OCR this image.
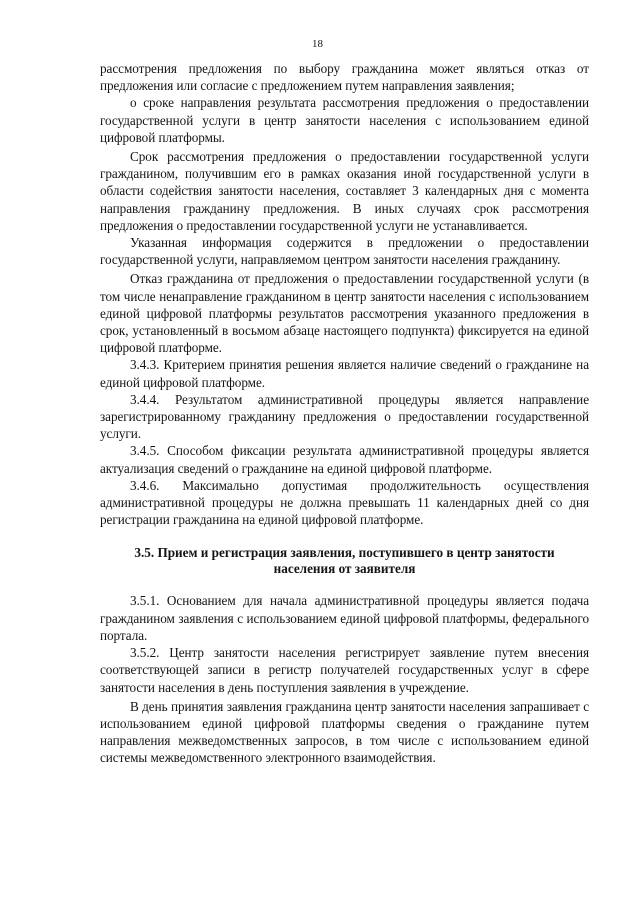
18

рассмотрения предложения по выбору гражданина может являться отказ от предложения или согласие с предложением путем направления заявления;

о сроке направления результата рассмотрения предложения о предоставлении государственной услуги в центр занятости населения с использованием единой цифровой платформы.

Срок рассмотрения предложения о предоставлении государственной услуги гражданином, получившим его в рамках оказания иной государственной услуги в области содействия занятости населения, составляет 3 календарных дня с момента направления гражданину предложения. В иных случаях срок рассмотрения предложения о предоставлении государственной услуги не устанавливается.

Указанная информация содержится в предложении о предоставлении государственной услуги, направляемом центром занятости населения гражданину.

Отказ гражданина от предложения о предоставлении государственной услуги (в том числе ненаправление гражданином в центр занятости населения с использованием единой цифровой платформы результатов рассмотрения указанного предложения в срок, установленный в восьмом абзаце настоящего подпункта) фиксируется на единой цифровой платформе.

3.4.3. Критерием принятия решения является наличие сведений о гражданине на единой цифровой платформе.

3.4.4. Результатом административной процедуры является направление зарегистрированному гражданину предложения о предоставлении государственной услуги.

3.4.5. Способом фиксации результата административной процедуры является актуализация сведений о гражданине на единой цифровой платформе.

3.4.6. Максимально допустимая продолжительность осуществления административной процедуры не должна превышать 11 календарных дней со дня регистрации гражданина на единой цифровой платформе.

3.5. Прием и регистрация заявления, поступившего в центр занятости
населения от заявителя

3.5.1. Основанием для начала административной процедуры является подача гражданином заявления с использованием единой цифровой платформы, федерального портала.

3.5.2. Центр занятости населения регистрирует заявление путем внесения соответствующей записи в регистр получателей государственных услуг в сфере занятости населения в день поступления заявления в учреждение.

В день принятия заявления гражданина центр занятости населения запрашивает с использованием единой цифровой платформы сведения о гражданине путем направления межведомственных запросов, в том числе с использованием единой системы межведомственного электронного взаимодействия.
